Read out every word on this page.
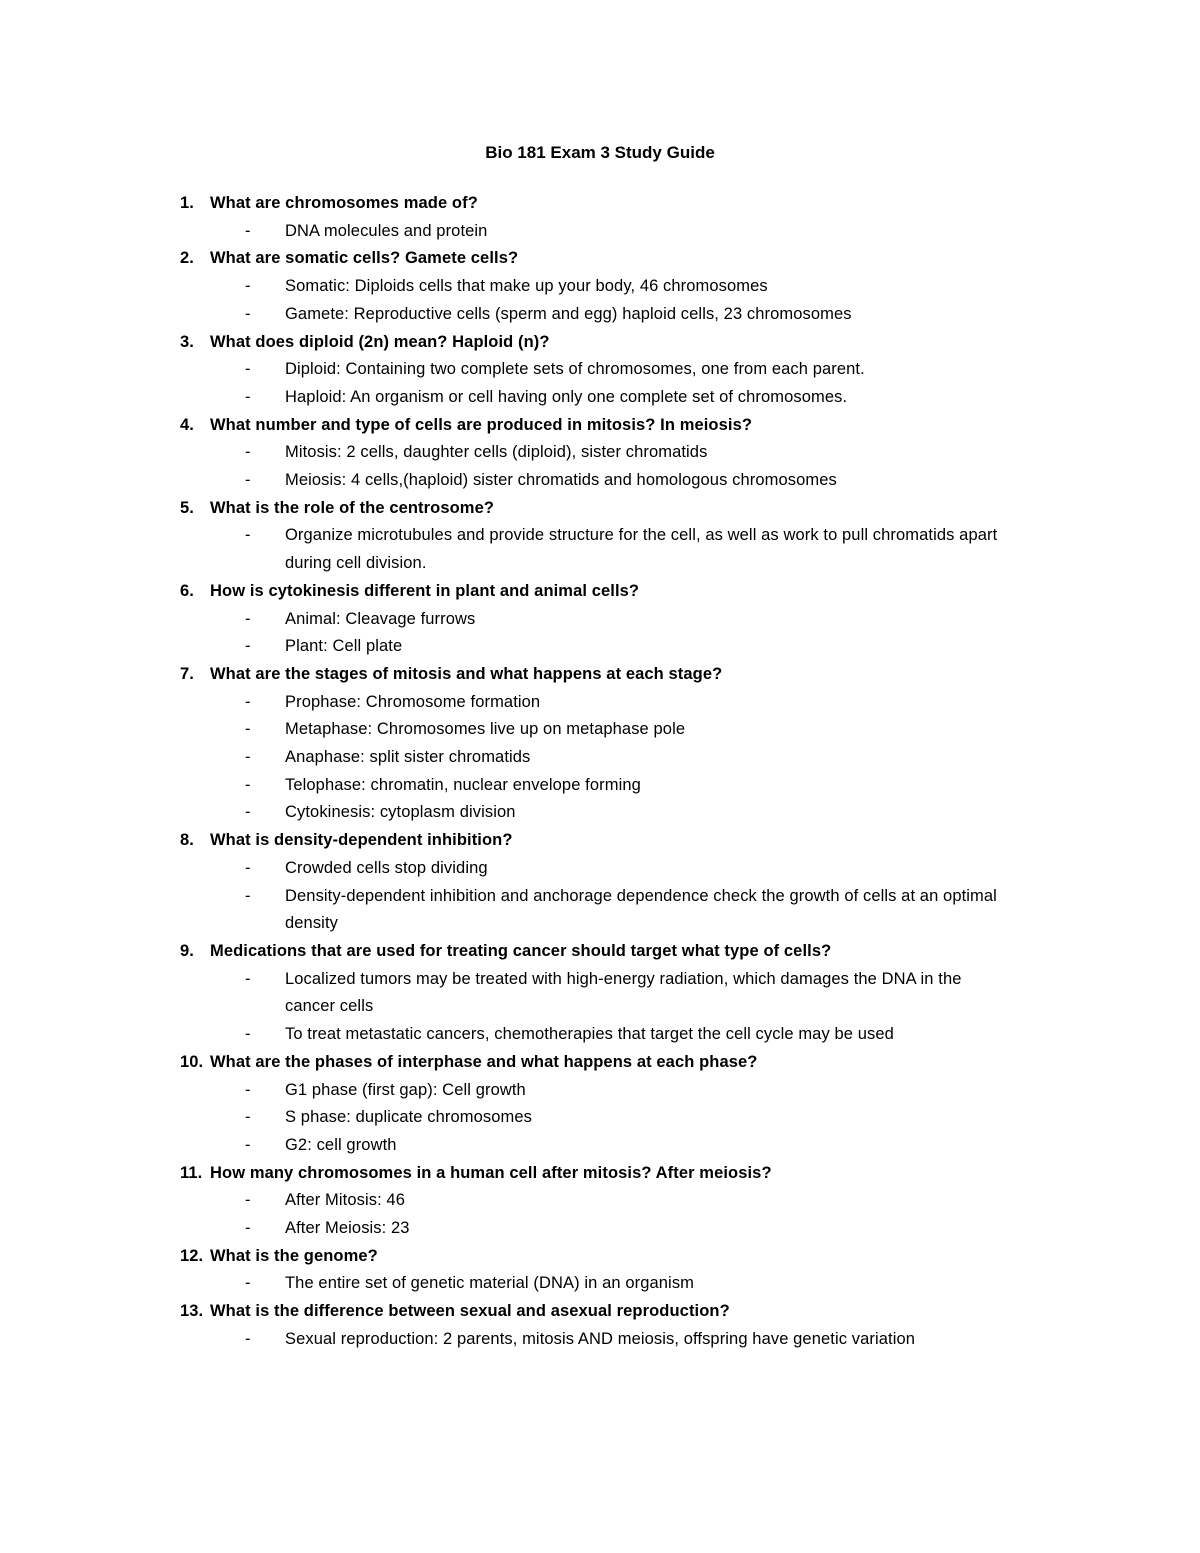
Bio 181 Exam 3 Study Guide
1. What are chromosomes made of?
-	DNA molecules and protein
2. What are somatic cells? Gamete cells?
-	Somatic: Diploids cells that make up your body, 46 chromosomes
-	Gamete: Reproductive cells (sperm and egg) haploid cells, 23 chromosomes
3. What does diploid (2n) mean? Haploid (n)?
-	Diploid: Containing two complete sets of chromosomes, one from each parent.
-	Haploid: An organism or cell having only one complete set of chromosomes.
4. What number and type of cells are produced in mitosis? In meiosis?
-	Mitosis: 2 cells, daughter cells (diploid), sister chromatids
-	Meiosis: 4 cells,(haploid) sister chromatids and homologous chromosomes
5. What is the role of the centrosome?
-	Organize microtubules and provide structure for the cell, as well as work to pull chromatids apart during cell division.
6. How is cytokinesis different in plant and animal cells?
-	Animal: Cleavage furrows
-	Plant: Cell plate
7. What are the stages of mitosis and what happens at each stage?
-	Prophase: Chromosome formation
-	Metaphase: Chromosomes live up on metaphase pole
-	Anaphase: split sister chromatids
-	Telophase: chromatin, nuclear envelope forming
-	Cytokinesis: cytoplasm division
8. What is density-dependent inhibition?
-	Crowded cells stop dividing
-	Density-dependent inhibition and anchorage dependence check the growth of cells at an optimal density
9. Medications that are used for treating cancer should target what type of cells?
-	Localized tumors may be treated with high-energy radiation, which damages the DNA in the cancer cells
-	To treat metastatic cancers, chemotherapies that target the cell cycle may be used
10. What are the phases of interphase and what happens at each phase?
-	G1 phase (first gap): Cell growth
-	S phase: duplicate chromosomes
-	G2: cell growth
11. How many chromosomes in a human cell after mitosis? After meiosis?
-	After Mitosis: 46
-	After Meiosis: 23
12. What is the genome?
-	The entire set of genetic material (DNA) in an organism
13. What is the difference between sexual and asexual reproduction?
-	Sexual reproduction: 2 parents, mitosis AND meiosis, offspring have genetic variation
